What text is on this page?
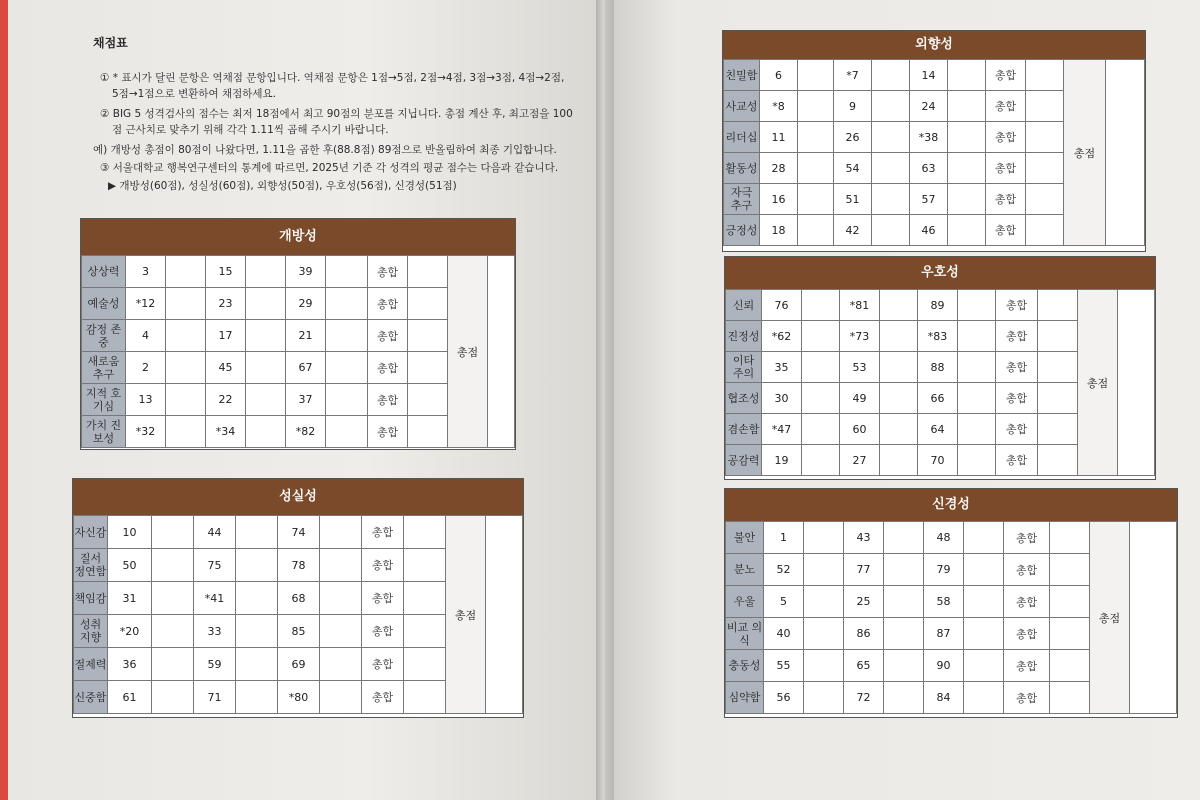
채점표
① * 표시가 달린 문항은 역채점 문항입니다. 역채점 문항은 1점→5점, 2점→4점, 3점→3점, 4점→2점,
5점→1점으로 변환하여 채점하세요.
② BIG 5 성격검사의 점수는 최저 18점에서 최고 90점의 분포를 지닙니다. 총점 계산 후, 최고점을 100
점 근사치로 맞추기 위해 각각 1.11씩 곱해 주시기 바랍니다.
예) 개방성 총점이 80점이 나왔다면, 1.11을 곱한 후(88.8점) 89점으로 반올림하여 최종 기입합니다.
③ 서울대학교 행복연구센터의 통계에 따르면, 2025년 기준 각 성격의 평균 점수는 다음과 같습니다.
▶ 개방성(60점), 성실성(60점), 외향성(50점), 우호성(56점), 신경성(51점)
개방성
상상력	3		15		39		총합		총점	
예술성	*12		23		29		총합			
감정 존중	4		17		21		총합			
새로움 추구	2		45		67		총합			
지적 호기심	13		22		37		총합			
가치 진보성	*32		*34		*82		총합			
성실성
자신감	10		44		74		총합		총점	
질서 정연함	50		75		78		총합			
책임감	31		*41		68		총합			
성취 지향	*20		33		85		총합			
절제력	36		59		69		총합			
신중함	61		71		*80		총합			
외향성
친밀함	6		*7		14		총합		총점	
사교성	*8		9		24		총합			
리더십	11		26		*38		총합			
활동성	28		54		63		총합			
자극 추구	16		51		57		총합			
긍정성	18		42		46		총합			
우호성
신뢰	76		*81		89		총합		총점	
진정성	*62		*73		*83		총합			
이타 주의	35		53		88		총합			
협조성	30		49		66		총합			
겸손함	*47		60		64		총합			
공감력	19		27		70		총합			
신경성
불안	1		43		48		총합		총점	
분노	52		77		79		총합			
우울	5		25		58		총합			
비교 의식	40		86		87		총합			
충동성	55		65		90		총합			
심약함	56		72		84		총합			
